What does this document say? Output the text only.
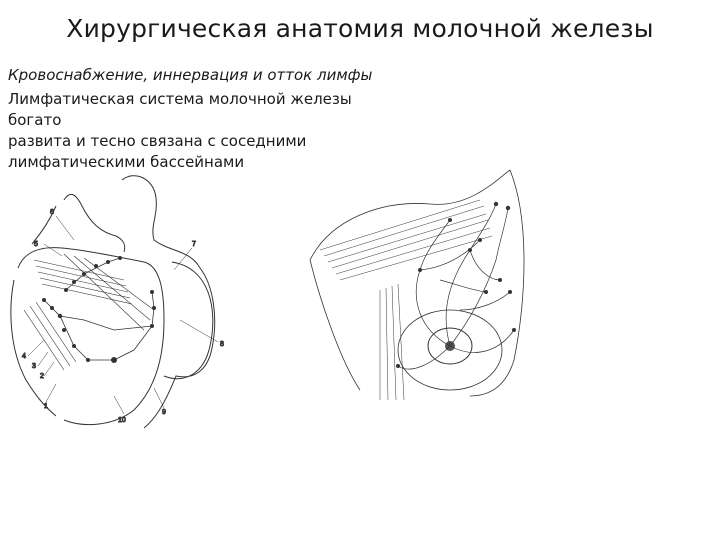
Хирургическая анатомия молочной железы
Кровоснабжение, иннервация и отток лимфы
Лимфатическая система молочной железы богато
развита и тесно связана с соседними
лимфатическими бассейнами
6
5	7
8
4
3
2
1
10
9
